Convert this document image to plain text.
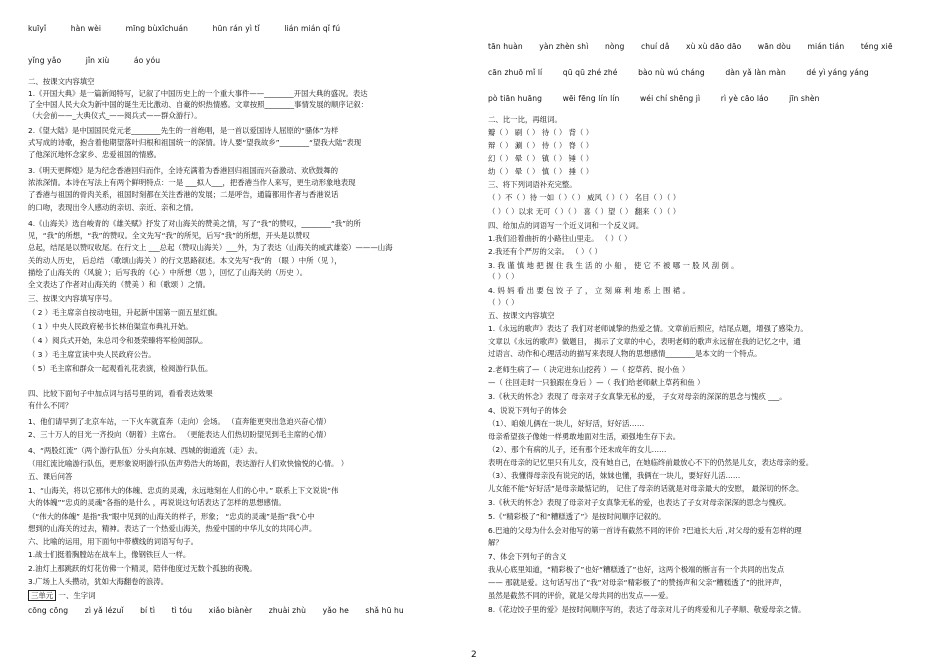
kuīyǐ	hàn wèi	mīng bùxīchuán	hūn rán yì tǐ	lián mián qǐ fú
yǐng yǎo	jǐn xiù	áo yóu
二、按课文内容填空
1.《开国大典》是一篇新闻特写，记叙了中国历史上的一个重大事件——________开国大典的盛况。表达
了全中国人民大众为新中国的诞生无比激动、自豪的炽热情感。文章按照________事情发展的顺序记叙：
（大会前——_大典仪式_——阅兵式——群众游行）。
2.《望大陆》是中国国民党元老________先生的一首绝唱，是一首以爱国诗人屈原的“骚体”为样
式写成的诗歌，抱含着他期望落叶归根和祖国统一的深情。诗人要“望我故乡”________“望我大陆”表现
了他深沉地怀念家乡、忠爱祖国的情感。
3.《明天更辉煌》是为纪念香港回归而作，全诗充满着为香港回归祖国而兴奋激动、欢欣鼓舞的
浓浓深情。本诗在写法上有两个鲜明特点：一是 ___拟人___，把香港当作人来写，更生动形象地表现
了香港与祖国的骨肉关系，祖国时刻都在关注香港的发展；二是呼告，通篇都用作者与香港说话
的口吻，表现出令人感动的亲切、亲近、亲和之情。
4.《山海关》选自峻青的《雄关赋》抒发了对山海关的赞美之情，写了“我”的赞叹，________“我”的所
见，“我”的所想，“我”的赞叹。全文先写“我”的所见，后写“我”的所想，开头是以赞叹
总起，结尾是以赞叹收尾。在行文上 ___总起（赞叹山海关）___外，为了表达（山海关的威武雄姿）———山海
关的动人历史， 后总结 （歌颂山海关 ）的行文思路叙述。本文先写“我”的 （眼 ）中所（见 ），
描绘了山海关的（风貌 ）；后写我的（心 ）中所想（思 ），回忆了山海关的（历史 ）。
全文表达了作者对山海关的（赞美 ）和（歌颂 ）之情。
三、按课文内容填写序号。
（ 2 ）毛主席亲自按动电钮，升起新中国第一面五星红旗。
（ 1 ）中央人民政府秘书长林伯渠宣布典礼开始。
（ 4 ）阅兵式开始，朱总司令和聂荣臻将军检阅部队。
（ 3 ）毛主席宣读中央人民政府公告。
（ 5）毛主席和群众一起观看礼花表演，检阅游行队伍。
四、比较下面句子中加点词与括号里的词，看看表达效果
有什么不同？
1、他们请早到了北京车站，一下火车就直奔（走向）会场。 （直奔能更突出急迫兴奋心情）
2、三十万人的目光一齐投向（朝着）主席台。 （更能表达人们热切盼望见到毛主席的心情）
4、“两股红流”（两个游行队伍）分头向东城、西城的街道流（走）去。
（用红流比喻游行队伍，更形象说明游行队伍声势浩大的场面，表达游行人们欢快愉悦的心情。 ）
五、课后问答
1、“山海关，将以它那伟大的体魄、忠贞的灵魂，永远地刻在人们的心中。” 联系上下文说说“伟
大的体魄”“忠贞的灵魂”各指的是什么 ，再说说这句话表达了怎样的思想感情。
（“伟大的体魄” 是指“我”眼中见到的山海关的样子，形象； “忠贞的灵魂”是指“我”心中
想到的山海关的过去，精神。表达了一个热爱山海关，热爱中国的中华儿女的共同心声。
六、比喻的运用，用下面句中带横线的词语写句子。
1.战士们挺着胸膛站在战车上，像钢铁巨人一样。
2.油灯上那跳跃的灯花仿佛一个精灵，陪伴他度过无数个孤独的夜晚。
3.广场上人头攒动，犹如大海翻卷的浪涛。
三单元 一、生字词
cōng cōng zì yǎ lézuǐ bí tì tì tóu xiǎo biànèr zhuài zhù yǎo he shǎ hū hu
tān huàn yàn zhèn shì nòng chuí dǎ xù xù dāo dāo wān dòu mián tián téng xiē
cān zhuō mǐ lí	qū qū zhé zhé	bào nù wú cháng	dàn yǎ làn màn	dé yì yáng yáng
pò tiān huāng	wēi fēng lín lín	wéi chí shēng jì	rì yè cāo láo	jīn shèn
二、比一比，再组词。
瓣（ ） 刷（ ） 待（ ） 背（ ）
辩（ ） 涮（ ） 侍（ ） 脊（ ）
幻（ ） 晕（ ） 镇（ ） 锤（ ）
幼（ ） 晕（ ） 慎（ ） 捶（ ）
三、将下列词语补充完整。
（ ）不（ ）待 一如（ ）（ ） 威风（ ）（ ） 名目（ ）（ ）
（ ）（ ）以求 无可（ ）（ ） 喜（ ）望（ ） 翻来（ ）（ ）
四、给加点的词语写一个近义词和一个反义词。
1.我们沿着曲折的小路往山里走。 （ ）（ ）
2.我还有个严厉的父亲。 （ ）（ ）
3. 我 谨 慎 地 把 握 住 我 生 活 的 小 船 ， 使 它 不 被 哪 一 股 风 刮 倒 。
（ ）（ ）
4. 妈 妈 看 出 要 包 饺 子 了 ， 立 刻 麻 利 地 系 上 围 裙 。
（ ）（ ）
五、按课文内容填空
1.《永远的歌声》表达了 我们对老师诚挚的热爱之情。文章前后照应，结尾点题，增强了感染力。
文章以《永远的歌声》做题目， 揭示了文章的中心，表明老师的歌声永远留在我的记忆之中，通
过语言、动作和心理活动的描写来表现人物的思想感情________是本文的一个特点。
2.老师生病了—（ 决定进东山挖药 ）—（ 挖草药、捉小鱼 ）
—（ 往回走时一只狼跟在身后 ）—（ 我们给老师献上草药和鱼 ）
3.《秋天的怀念》表现了 母亲对子女真挚无私的爱， 子女对母亲的深深的思念与愧疚 ___。
4、说说下列句子的体会
（1）、咱娘儿俩在一块儿，好好活，好好活……
母亲希望孩子像她一样勇敢地面对生活，顽强地生存下去。
（2）、那个有病的儿子，还有那个还未成年的女儿……
表明在母亲的记忆里只有儿女，没有她自己，在她临终前最放心不下的仍然是儿女，表达母亲的爱。
（3）、我懂得母亲没有说完的话，妹妹也懂，我俩在一块儿，要好好儿活……
儿女能不能“好好活”是母亲最惦记的， 记住了母亲的话就是对母亲最大的安慰， 最深切的怀念。
3.《秋天的怀念》表现了母亲对子女真挚无私的爱，也表达了子女对母亲深深的思念与愧疚。
5.《“精彩极了”和“糟糕透了”》是按时间顺序记叙的。
6.巴迪的父母为什么会对他写的第一首诗有截然不同的评价 ?巴迪长大后 ,对父母的爱有怎样的理
解？
7、体会下列句子的含义
我从心底里知道，“精彩极了”也好“糟糕透了”也好，这两个极端的断言有一个共同的出发点
—— 那就是爱。这句话写出了“我”对母亲“精彩极了”的赞扬声和父亲“糟糕透了”的批评声，
虽然是截然不同的评价，就是父母共同的出发点——爱。
8.《花边饺子里的爱》是按时间顺序写的，表达了母亲对儿子的疼爱和儿子孝顺、敬爱母亲之情。
2
